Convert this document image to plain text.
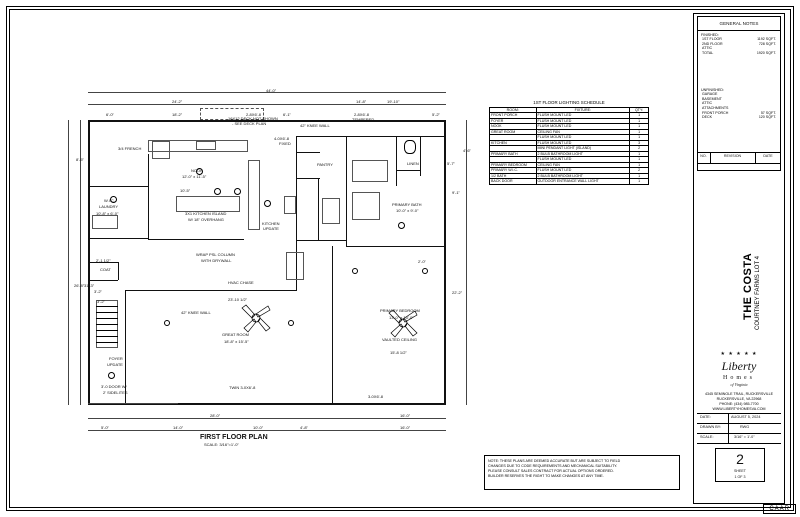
GENERAL NOTES
FINISHED:
1ST FLOOR	1192 SQFT.
2ND FLOOR	728 SQFT.
ATTIC	
TOTAL	1920 SQFT.
UNFINISHED:
GARAGE	
BASEMENT	
ATTIC	
ATTACHMENTS	
FRONT PORCH	57 SQFT.
DECK	120 SQFT.
NO.	REVISION	DATE
THE COSTA COURTNEY FARMS LOT 4
★ ★ ★ ★ ★
Liberty
Homes
of Virginia
4345 SEMINOLE TRAIL, RUCKERSVILLE
RUCKERSVILLE, VA 22968
PHONE: (434) 985-7700
WWW.LIBERTYHOMESVA.COM
DATE:	AUGUST 5, 2024
DRAWN BY:	RWG
SCALE:	3/16" = 1'-0"
2
SHEET
1 OF 3
CAAR
1ST FLOOR LIGHTING SCHEDULE
ROOM:	FIXTURE:	QTY:
FRONT PORCH	FLUSH MOUNT LED	1
FOYER	FLUSH MOUNT LED	1
NOOK	FLUSH MOUNT LED	1
GREAT ROOM	CEILING FAN	1
	FLUSH MOUNT LED	1
KITCHEN	FLUSH MOUNT LED	3
	MINI PENDANT LIGHT (ISLAND)	2
PRIMARY BATH	2 BULB BATHROOM LIGHT	1
	FLUSH MOUNT LED	1
PRIMARY BEDROOM	CEILING FAN	1
PRIMARY W.I.C.	FLUSH MOUNT LED	2
1/2 BATH	2 BULB BATHROOM LIGHT	1
BACK DOOR	OUTDOOR ENTRANCE WALL LIGHT	1
NOTE: THESE PLANS ARE DEEMED ACCURATE BUT ARE SUBJECT TO FIELD
CHANGES DUE TO CODE REQUIREMENTS AND MECHANICAL SUITABILITY.
PLEASE CONSULT SALES CONTRACT FOR ACTUAL OPTIONS ORDERED.
BUILDER RESERVES THE RIGHT TO MAKE CHANGES AT ANY TIME.
FIRST FLOOR PLAN
SCALE: 3/16"=1'-0"
16X12 DECK NOT SHOWN
- SEE DECK PLAN
4-0X6'-8
FIXED
2-8X6'-8
42" KNEE WALL
2-8X6'-8
TEMPERED
3/4 FRENCH
NOOK
12'-0" x 11'-5"
PANTRY
KITCHEN
UPDATE
3X1 KITCHEN ISLAND
W/ 18" OVERHANG
LINEN
PRIMARY BATH
10'-0" x 9'-0"
W.I.C.
LAUNDRY
10'-8" x 6'-0"
WRAP PSL COLUMN
WITH DRYWALL
HVAC CHASE
COAT
42" KNEE WALL
GREAT ROOM
18'-8" x 15'-5"
PRIMARY BEDROOM
13'-0" x 15'-0"
VAULTED CEILING
FOYER
UPDATE
3'-0 DOOR W/
2' SIDELITES
TWIN 3-0X6'-8
3-0X6'-8
44'-0"
24'-2"
6'-0"	18'-2"	6'-1"
14'-8"	19'-10"
5'-2"
26'-8" 31'-3"
3'-2"
5'-7"
4'-6"
9'-1"
22'-2"
5'-0"	14'-0"
28'-0"
10'-0"	4'-8"
16'-0"
16'-0"
15'-8 1/2"
23'-10 1/2"
8'-5"
2'-1 1/2"
3'-2"
10'-5"
2'-0"
